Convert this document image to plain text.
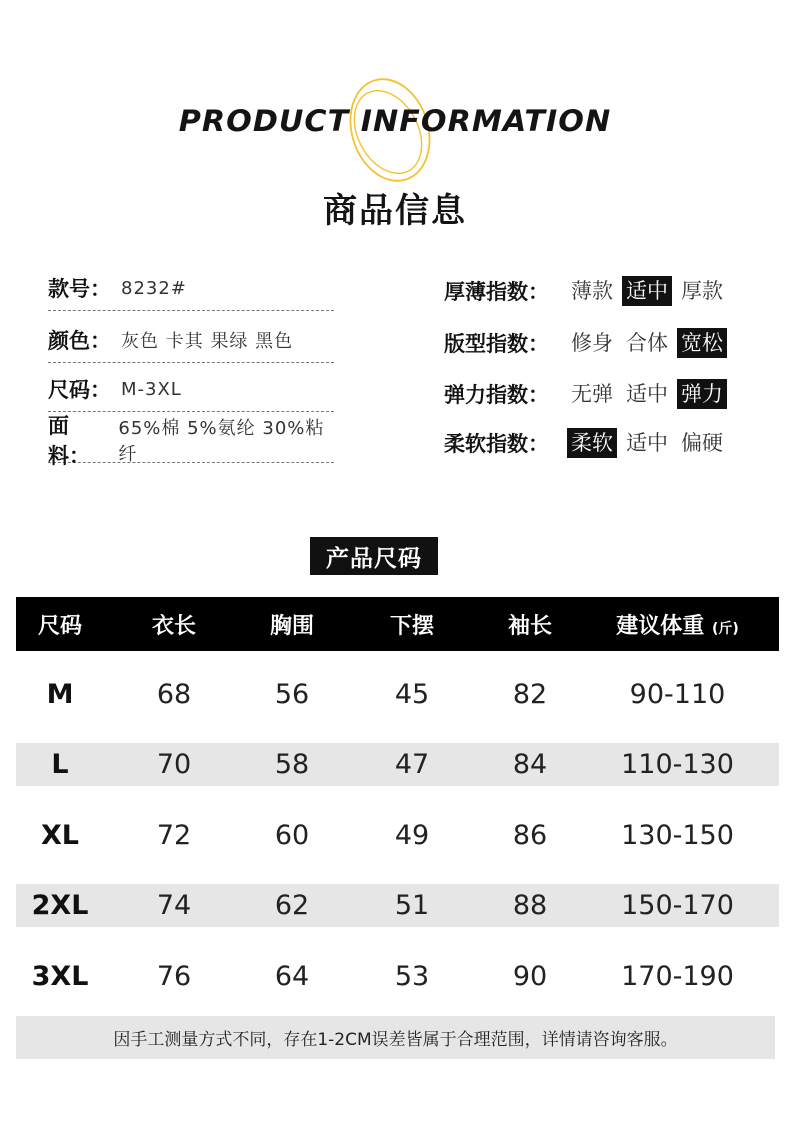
PRODUCT INFORMATION
商品信息
款号： 8232#
颜色： 灰色 卡其 果绿 黑色
尺码： M-3XL
面料：
65%棉 5%氨纶 30%粘纤
厚薄指数：	薄款 适中 厚款
版型指数：	修身 合体 宽松
弹力指数：	无弹 适中 弹力
柔软指数：	柔软 适中 偏硬
产品尺码
尺码	衣长	胸围	下摆	袖长	建议体重 (斤)
M	68	56	45	82	90-110
L	70	58	47	84	110-130
XL	72	60	49	86	130-150
2XL	74	62	51	88	150-170
3XL	76	64	53	90	170-190
因手工测量方式不同，存在1-2CM误差皆属于合理范围，详情请咨询客服。
